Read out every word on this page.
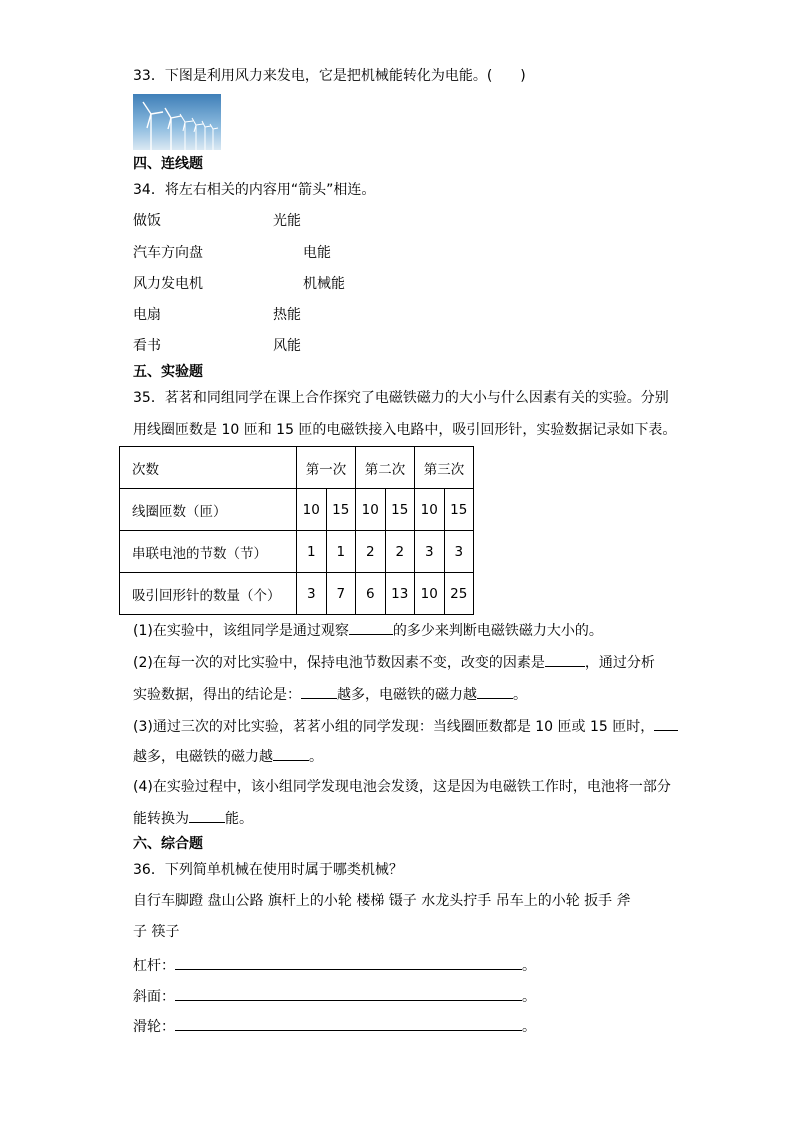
33．下图是利用风力来发电，它是把机械能转化为电能。(　　)
四、连线题
34．将左右相关的内容用“箭头”相连。
做饭	光能
汽车方向盘	电能
风力发电机	机械能
电扇	热能
看书	风能
五、实验题
35．茗茗和同组同学在课上合作探究了电磁铁磁力的大小与什么因素有关的实验。分别
用线圈匝数是 10 匝和 15 匝的电磁铁接入电路中，吸引回形针，实验数据记录如下表。
次数	第一次		第二次		第三次	
线圈匝数（匝）	10	15	10	15	10	15
串联电池的节数（节）	1	1	2	2	3	3
吸引回形针的数量（个）	3	7	6	13	10	25
(1)在实验中，该组同学是通过观察	的多少来判断电磁铁磁力大小的。
(2)在每一次的对比实验中，保持电池节数因素不变，改变的因素是	，通过分析
实验数据，得出的结论是：	越多，电磁铁的磁力越	。
(3)通过三次的对比实验，茗茗小组的同学发现：当线圈匝数都是 10 匝或 15 匝时，
越多，电磁铁的磁力越	。
(4)在实验过程中，该小组同学发现电池会发烫，这是因为电磁铁工作时，电池将一部分
能转换为	能。
六、综合题
36．下列简单机械在使用时属于哪类机械？
自行车脚蹬 盘山公路 旗杆上的小轮 楼梯 镊子 水龙头拧手 吊车上的小轮 扳手 斧
子 筷子
杠杆：	。
斜面：	。
滑轮：	。
